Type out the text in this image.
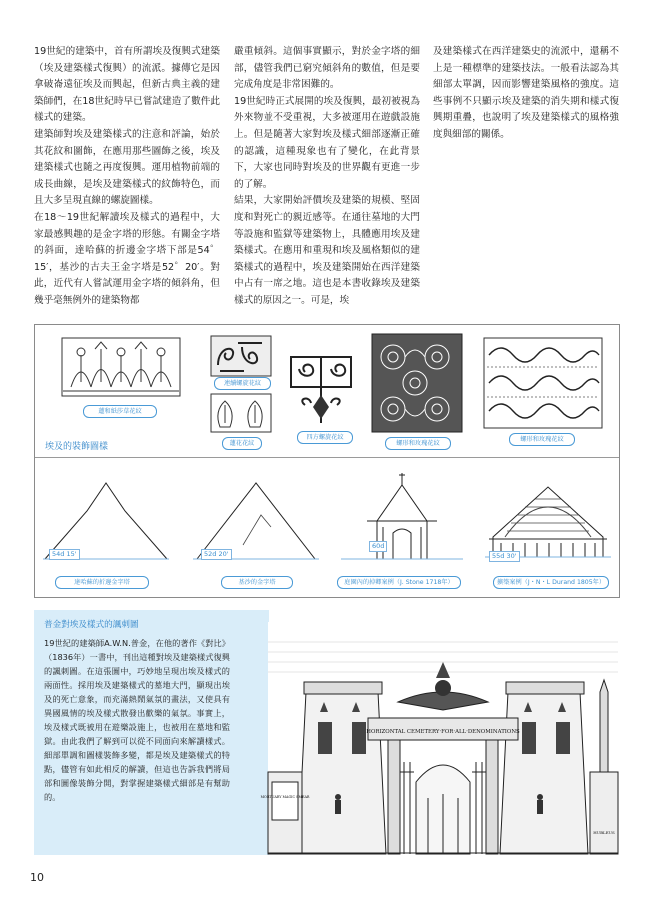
19世紀的建築中，首有所謂埃及復興式建築（埃及建築樣式復興）的流派。據傳它是因拿破崙遠征埃及而興起，但新古典主義的建築師們，在18世紀時早已嘗試建造了數件此樣式的建築。

建築師對埃及建築樣式的注意和評論，始於其花紋和圖飾，在應用那些圖飾之後，埃及建築樣式也隨之再度復興。運用植物前端的成長曲線，是埃及建築樣式的紋飾特色，而且大多呈現直線的螺旋圖樣。

在18～19世紀解讀埃及樣式的過程中，大家最感興趣的是金字塔的形態。有關金字塔的斜面，達哈蘇的折邊金字塔下部是54゜15′，基沙的古夫王金字塔是52゜20′。對此，近代有人嘗試運用金字塔的傾斜角，但幾乎毫無例外的建築物都

嚴重傾斜。這個事實顯示，對於金字塔的細部，儘管我們已窮究傾斜角的數值，但是要完成角度是非常困難的。

19世紀時正式展開的埃及復興，最初被視為外來物並不受重視，大多被運用在遊戲設施上。但是隨著大家對埃及樣式細部逐漸正確的認識，這種現象也有了變化，在此背景下，大家也同時對埃及的世界觀有更進一步的了解。

結果，大家開始評價埃及建築的規模、堅固度和對死亡的親近感等。在通往墓地的大門等設施和監獄等建築物上，具體應用埃及建築樣式。在應用和重現和埃及風格類似的建築樣式的過程中，埃及建築開始在西洋建築中占有一席之地。這也是本書收錄埃及建築樣式的原因之一。可是，埃

及建築樣式在西洋建築史的流派中，還稱不上是一種標準的建築技法。一般看法認為其細部太單調，因而影響建築風格的強度。這些事例不只顯示埃及建築的消失期和樣式復興期重疊，也說明了埃及建築樣式的風格強度與細部的關係。

蓮和紙莎草花紋
連續螺旋花紋
蓮花花紋
四方螺旋花紋
螺形和玫瑰花紋
螺形和玫瑰花紋
埃及的裝飾圖樣
54d 15'
達哈蘇的折邊金字塔
52d 20'
基沙的金字塔
60d
庭園內的掉卿案例（J. Stone 1718年）
55d 30'
擴築案例（J・N・L Durand 1805年）
普金對埃及樣式的諷刺圖
19世紀的建築師A.W.N.普金，在他的著作《對比》（1836年）一書中，刊出這種對埃及建築樣式復興的諷刺圖。在這張圖中，巧妙地呈現出埃及樣式的兩面性。採用埃及建築樣式的墓地大門，顯現出埃及的死亡意象，而充滿熱鬧氣氛的畫法，又使具有異國風情的埃及樣式散發出歡樂的氣氛。事實上，埃及樣式既被用在遊樂設施上，也被用在墓地和監獄。由此我們了解到可以從不同面向來解讀樣式。細部單調和圖樣裝飾多變，都是埃及建築樣式的特點，儘管有如此相反的解讀，但這也告訴我們將局部和圖像裝飾分開，對掌握建築樣式細部是有幫助的。
HORIZONTAL CEMETERY·FOR·ALL·DENOMINATIONS
MORTUARY MAGIC SMEAR
HUBLEUS
10
